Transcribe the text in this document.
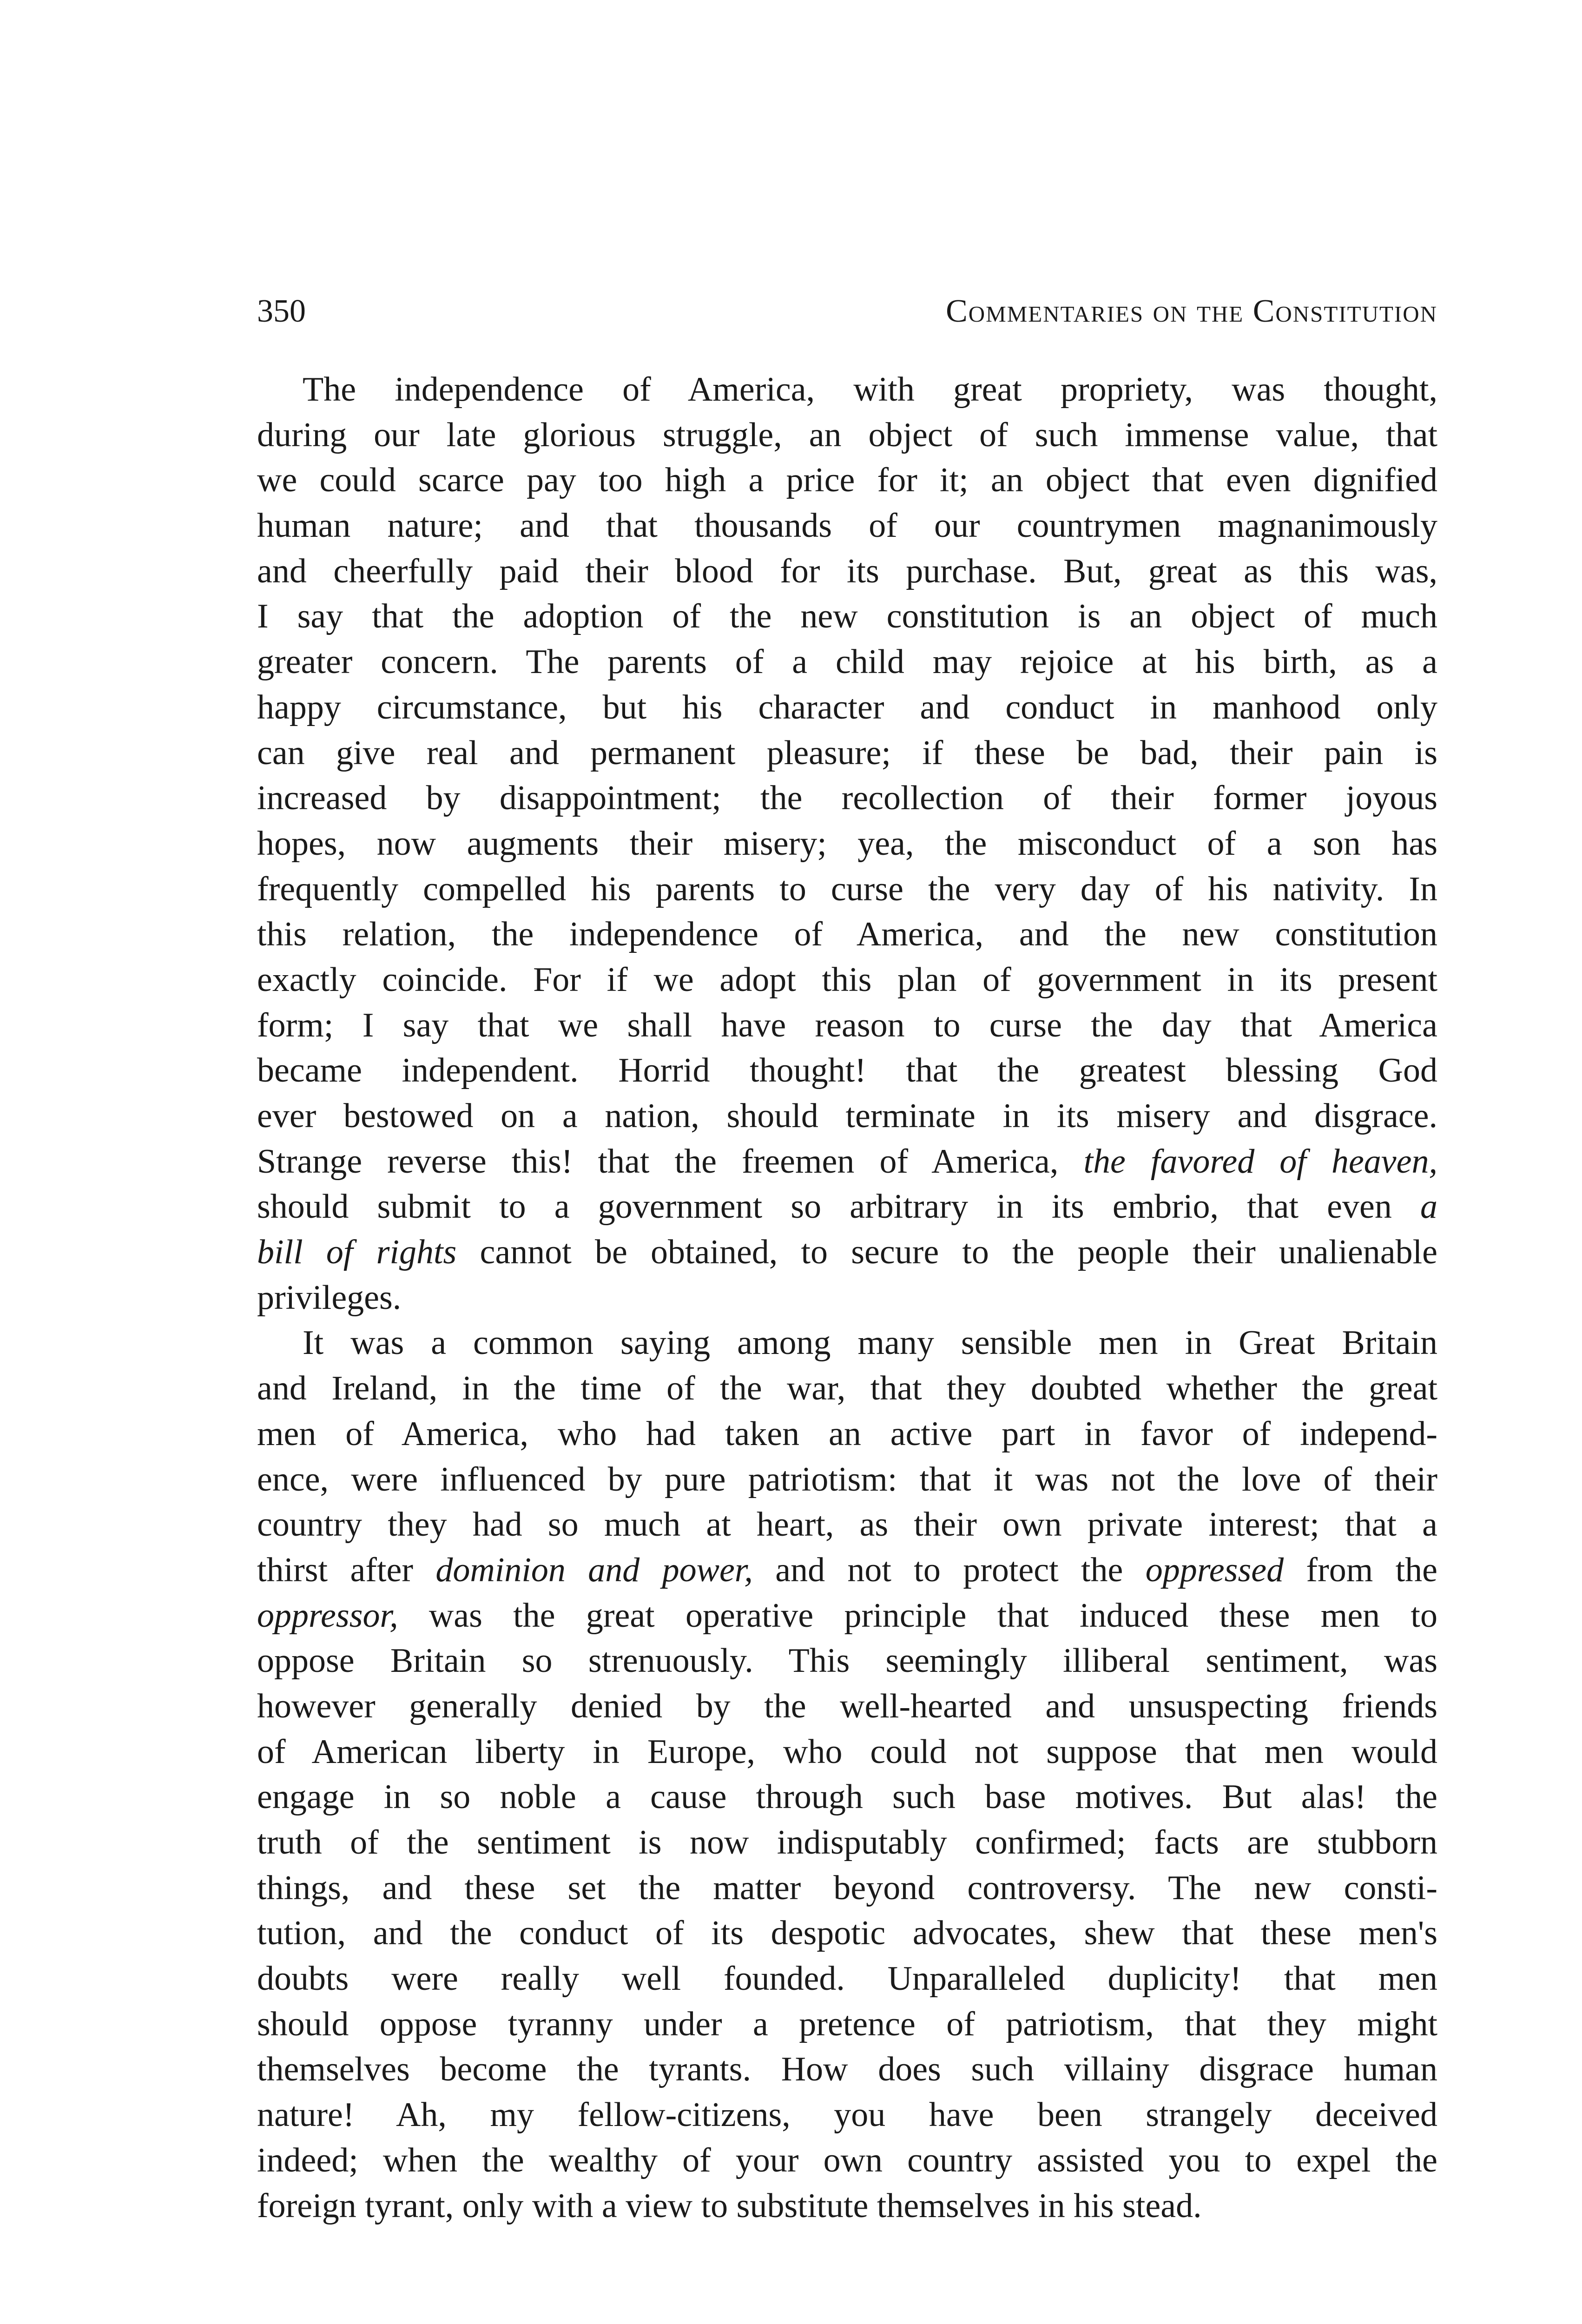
350	Commentaries on the Constitution
The independence of America, with great propriety, was thought,
during our late glorious struggle, an object of such immense value, that
we could scarce pay too high a price for it; an object that even dignified
human nature; and that thousands of our countrymen magnanimously
and cheerfully paid their blood for its purchase. But, great as this was,
I say that the adoption of the new constitution is an object of much
greater concern. The parents of a child may rejoice at his birth, as a
happy circumstance, but his character and conduct in manhood only
can give real and permanent pleasure; if these be bad, their pain is
increased by disappointment; the recollection of their former joyous
hopes, now augments their misery; yea, the misconduct of a son has
frequently compelled his parents to curse the very day of his nativity. In
this relation, the independence of America, and the new constitution
exactly coincide. For if we adopt this plan of government in its present
form; I say that we shall have reason to curse the day that America
became independent. Horrid thought! that the greatest blessing God
ever bestowed on a nation, should terminate in its misery and disgrace.
Strange reverse this! that the freemen of America, the favored of heaven,
should submit to a government so arbitrary in its embrio, that even a
bill of rights cannot be obtained, to secure to the people their unalienable
privileges.
It was a common saying among many sensible men in Great Britain
and Ireland, in the time of the war, that they doubted whether the great
men of America, who had taken an active part in favor of independ-
ence, were influenced by pure patriotism: that it was not the love of their
country they had so much at heart, as their own private interest; that a
thirst after dominion and power, and not to protect the oppressed from the
oppressor, was the great operative principle that induced these men to
oppose Britain so strenuously. This seemingly illiberal sentiment, was
however generally denied by the well-hearted and unsuspecting friends
of American liberty in Europe, who could not suppose that men would
engage in so noble a cause through such base motives. But alas! the
truth of the sentiment is now indisputably confirmed; facts are stubborn
things, and these set the matter beyond controversy. The new consti-
tution, and the conduct of its despotic advocates, shew that these men's
doubts were really well founded. Unparalleled duplicity! that men
should oppose tyranny under a pretence of patriotism, that they might
themselves become the tyrants. How does such villainy disgrace human
nature! Ah, my fellow-citizens, you have been strangely deceived
indeed; when the wealthy of your own country assisted you to expel the
foreign tyrant, only with a view to substitute themselves in his stead.
